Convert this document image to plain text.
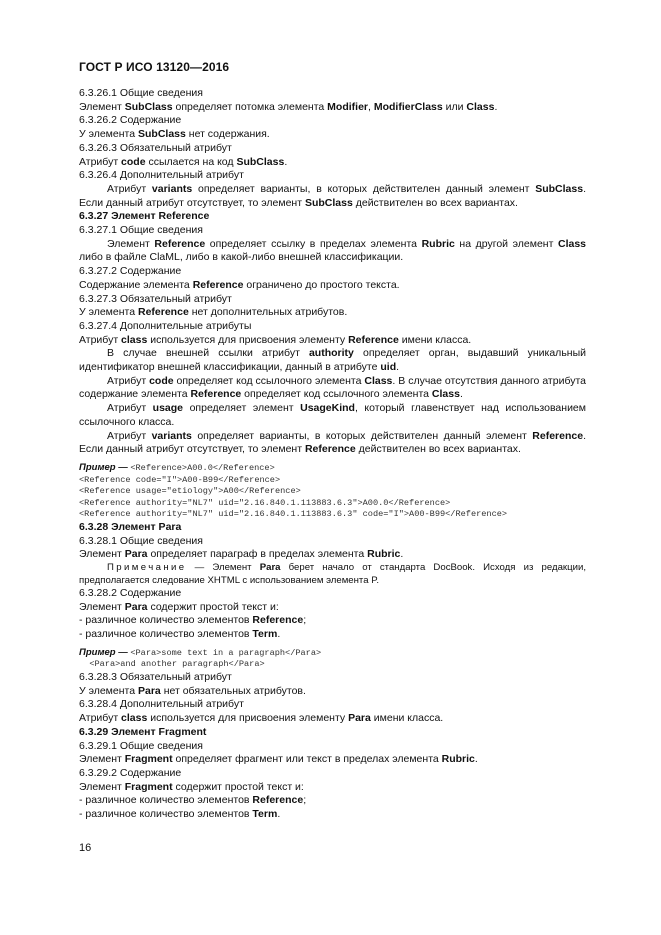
ГОСТ Р ИСО 13120—2016

6.3.26.1 Общие сведения

Элемент SubClass определяет потомка элемента Modifier, ModifierClass или Class.

6.3.26.2 Содержание

У элемента SubClass нет содержания.

6.3.26.3 Обязательный атрибут

Атрибут code ссылается на код SubClass.

6.3.26.4 Дополнительный атрибут

Атрибут variants определяет варианты, в которых действителен данный элемент SubClass. Если данный атрибут отсутствует, то элемент SubClass действителен во всех вариантах.

6.3.27 Элемент Reference

6.3.27.1 Общие сведения

Элемент Reference определяет ссылку в пределах элемента Rubric на другой элемент Class либо в файле ClaML, либо в какой-либо внешней классификации.

6.3.27.2 Содержание

Содержание элемента Reference ограничено до простого текста.

6.3.27.3 Обязательный атрибут

У элемента Reference нет дополнительных атрибутов.

6.3.27.4 Дополнительные атрибуты

Атрибут class используется для присвоения элементу Reference имени класса.

В случае внешней ссылки атрибут authority определяет орган, выдавший уникальный идентификатор внешней классификации, данный в атрибуте uid.

Атрибут code определяет код ссылочного элемента Class. В случае отсутствия данного атрибута содержание элемента Reference определяет код ссылочного элемента Class.

Атрибут usage определяет элемент UsageKind, который главенствует над использованием ссылочного класса.

Атрибут variants определяет варианты, в которых действителен данный элемент Reference. Если данный атрибут отсутствует, то элемент Reference действителен во всех вариантах.

Пример — <Reference>A00.0</Reference>
<Reference code="I">A00-B99</Reference>
<Reference usage="etiology">A00</Reference>
<Reference authority="NL7" uid="2.16.840.1.113883.6.3">A00.0</Reference>
<Reference authority="NL7" uid="2.16.840.1.113883.6.3" code="I">A00-B99</Reference>

6.3.28 Элемент Para

6.3.28.1 Общие сведения

Элемент Para определяет параграф в пределах элемента Rubric.

Примечание — Элемент Para берет начало от стандарта DocBook. Исходя из редакции, предполагается следование XHTML с использованием элемента P.

6.3.28.2 Содержание

Элемент Para содержит простой текст и:

- различное количество элементов Reference;

- различное количество элементов Term.

Пример — <Para>some text in a paragraph</Para>
<Para>and another paragraph</Para>

6.3.28.3 Обязательный атрибут

У элемента Para нет обязательных атрибутов.

6.3.28.4 Дополнительный атрибут

Атрибут class используется для присвоения элементу Para имени класса.

6.3.29 Элемент Fragment

6.3.29.1 Общие сведения

Элемент Fragment определяет фрагмент или текст в пределах элемента Rubric.

6.3.29.2 Содержание

Элемент Fragment содержит простой текст и:

- различное количество элементов Reference;

- различное количество элементов Term.

16
